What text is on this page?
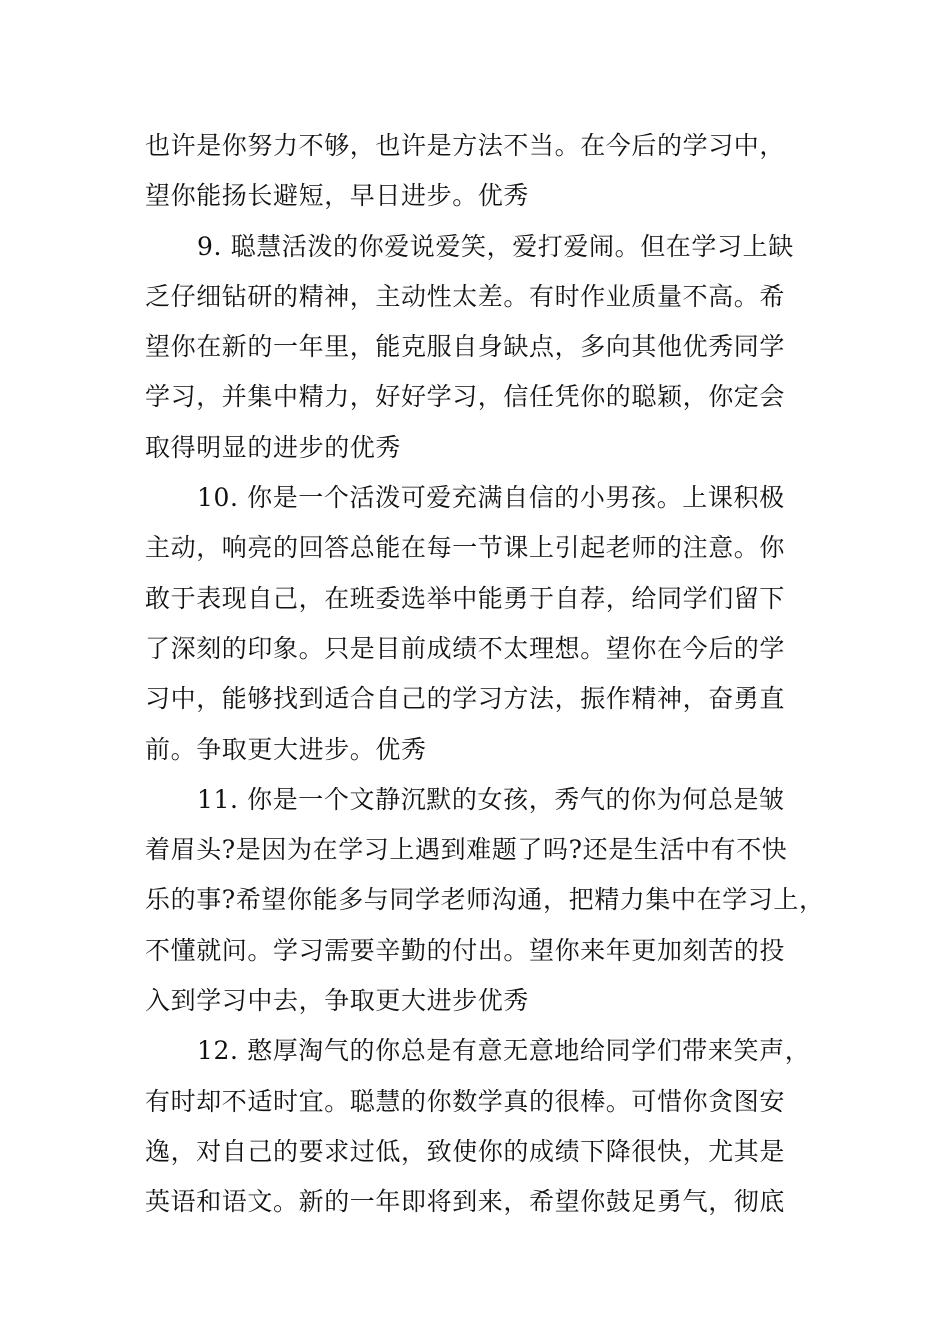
也许是你努力不够，也许是方法不当。在今后的学习中，
望你能扬长避短，早日进步。优秀
9. 聪慧活泼的你爱说爱笑，爱打爱闹。但在学习上缺
乏仔细钻研的精神，主动性太差。有时作业质量不高。希
望你在新的一年里，能克服自身缺点，多向其他优秀同学
学习，并集中精力，好好学习，信任凭你的聪颖，你定会
取得明显的进步的优秀
10. 你是一个活泼可爱充满自信的小男孩。上课积极
主动，响亮的回答总能在每一节课上引起老师的注意。你
敢于表现自己，在班委选举中能勇于自荐，给同学们留下
了深刻的印象。只是目前成绩不太理想。望你在今后的学
习中，能够找到适合自己的学习方法，振作精神，奋勇直
前。争取更大进步。优秀
11. 你是一个文静沉默的女孩，秀气的你为何总是皱
着眉头?是因为在学习上遇到难题了吗?还是生活中有不快
乐的事?希望你能多与同学老师沟通，把精力集中在学习上，
不懂就问。学习需要辛勤的付出。望你来年更加刻苦的投
入到学习中去，争取更大进步优秀
12. 憨厚淘气的你总是有意无意地给同学们带来笑声，
有时却不适时宜。聪慧的你数学真的很棒。可惜你贪图安
逸，对自己的要求过低，致使你的成绩下降很快，尤其是
英语和语文。新的一年即将到来，希望你鼓足勇气，彻底
